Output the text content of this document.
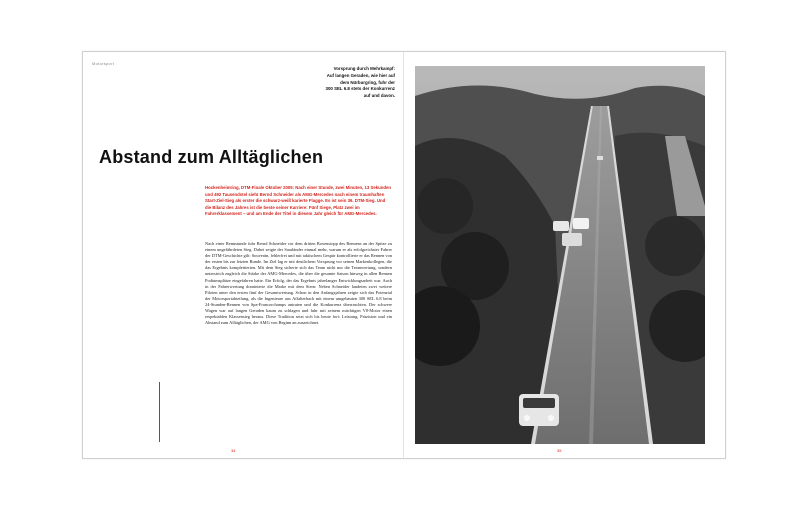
Motorsport
Vorsprung durch Mehrkampf:
Auf langen Geraden, wie hier auf
dem Nürburgring, fuhr der
300 SEL 6.8 stets der Konkurrenz
auf und davon.
Abstand zum Alltäglichen
Hockenheimring, DTM-Finale Oktober 2005: Nach einer Stunde, zwei Minuten, 13 Sekunden und 492 Tausendstel sieht Bernd Schneider als AMG-Mercedes nach einem traumhaften Start-Ziel-Sieg als erster die schwarz-weiß karierte Flagge. Es ist sein 36. DTM-Sieg. Und die Bilanz des Jahres ist die beste seiner Karriere: Fünf Siege, Platz zwei im Fahrerklassement – und am Ende der Titel in diesem Jahr gleich für AMG-Mercedes.

Nach einer Rennstunde fuhr Bernd Schneider vor dem dritten Boxenstopp des Rennens an der Spitze zu einem ungefährdeten Sieg. Dabei zeigte der Saarländer einmal mehr, warum er als erfolgreichster Fahrer der DTM-Geschichte gilt: Souverän, fehlerfrei und mit taktischem Gespür kontrollierte er das Rennen von der ersten bis zur letzten Runde. Im Ziel lag er mit deutlichem Vorsprung vor seinen Markenkollegen, die das Ergebnis komplettierten. Mit dem Sieg sicherte sich das Team nicht nur die Teamwertung, sondern unterstrich zugleich die Stärke der AMG-Mercedes, die über die gesamte Saison hinweg in allen Rennen Podiumsplätze eingefahren hatte. Ein Erfolg, der das Ergebnis jahrelanger Entwicklungsarbeit war. Auch in der Fahrerwertung dominierte die Marke mit dem Stern: Neben Schneider landeten zwei weitere Piloten unter den ersten fünf der Gesamtwertung. Schon in den Anfangsjahren zeigte sich das Potenzial der Motorsportabteilung, als die Ingenieure aus Affalterbach mit einem umgebauten 300 SEL 6.8 beim 24-Stunden-Rennen von Spa-Francorchamps antraten und die Konkurrenz überraschten. Der schwere Wagen war auf langen Geraden kaum zu schlagen und fuhr mit seinem mächtigen V8-Motor einen respektablen Klassensieg heraus. Diese Tradition setzt sich bis heute fort: Leistung, Präzision und ein Abstand zum Alltäglichen, der AMG von Beginn an auszeichnet.

34	35
